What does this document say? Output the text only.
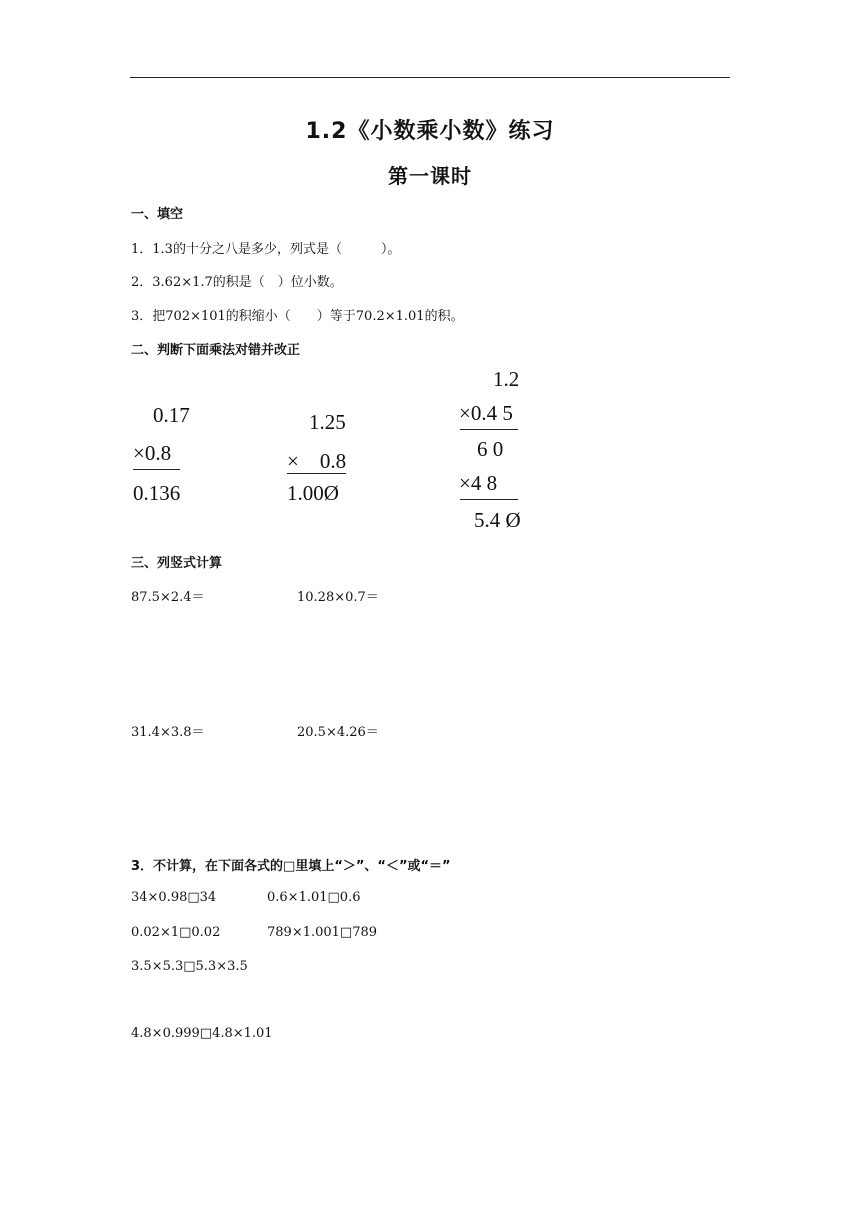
1.2《小数乘小数》练习
第一课时
一、填空
1．1.3的十分之八是多少，列式是（　　　）。
2．3.62×1.7的积是（　）位小数。
3．把702×101的积缩小（　　）等于70.2×1.01的积。
二、判断下面乘法对错并改正
0.17
×0.8
0.136
1.25
×　0.8
1.00Ø
1.2
×0.4 5
6 0
×4 8
5.4 Ø
三、列竖式计算
87.5×2.4＝	10.28×0.7＝
31.4×3.8＝	20.5×4.26＝
3．不计算，在下面各式的□里填上“＞”、“＜”或“＝”
34×0.98□34	0.6×1.01□0.6
0.02×1□0.02	789×1.001□789
3.5×5.3□5.3×3.5
4.8×0.999□4.8×1.01
